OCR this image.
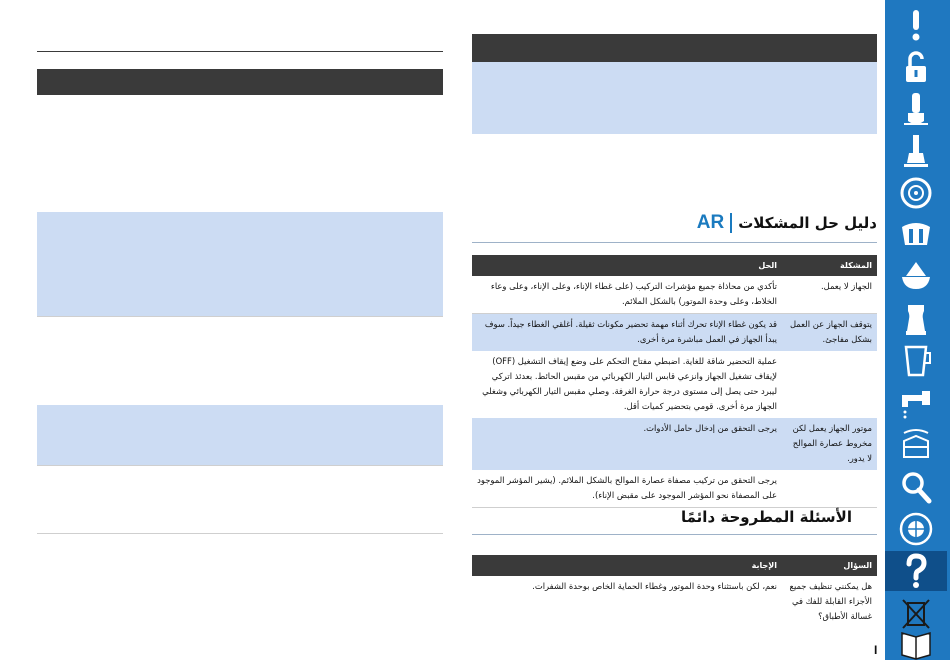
AR دليل حل المشكلات
المشكلة	الحل
الجهاز لا يعمل.	تأكدي من محاذاة جميع مؤشرات التركيب (على غطاء الإناء، وعلى الإناء، وعلى وعاء الخلاط، وعلى وحدة الموتور) بالشكل الملائم.
يتوقف الجهاز عن العمل بشكل مفاجئ.	قد يكون غطاء الإناء تحرك أثناء مهمة تحضير مكونات ثقيلة. أغلقي الغطاء جيداً. سوف يبدأ الجهاز في العمل مباشرة مرة أخرى.
	عملية التحضير شاقة للغاية. اضبطي مفتاح التحكم على وضع إيقاف التشغيل (OFF) لإيقاف تشغيل الجهاز وانزعي قابس التيار الكهربائي من مقبس الحائط. بعدئذ اتركي ليبرد حتى يصل إلى مستوى درجة حرارة الغرفة. وصلي مقبس التيار الكهربائي وشغلي الجهاز مرة أخرى. قومي بتحضير كميات أقل.
موتور الجهاز يعمل لكن مخروط عصارة الموالح لا يدور.	يرجى التحقق من إدخال حامل الأدوات.
	يرجى التحقق من تركيب مصفاة عصارة الموالح بالشكل الملائم. (يشير المؤشر الموجود على المصفاة نحو المؤشر الموجود على مقبض الإناء).
الأسئلة المطروحة دائمًا
السؤال	الإجابة
هل يمكنني تنظيف جميع الأجزاء القابلة للفك في غسالة الأطباق؟	نعم، لكن باستثناء وحدة الموتور وغطاء الحماية الخاص بوحدة الشفرات.
I
